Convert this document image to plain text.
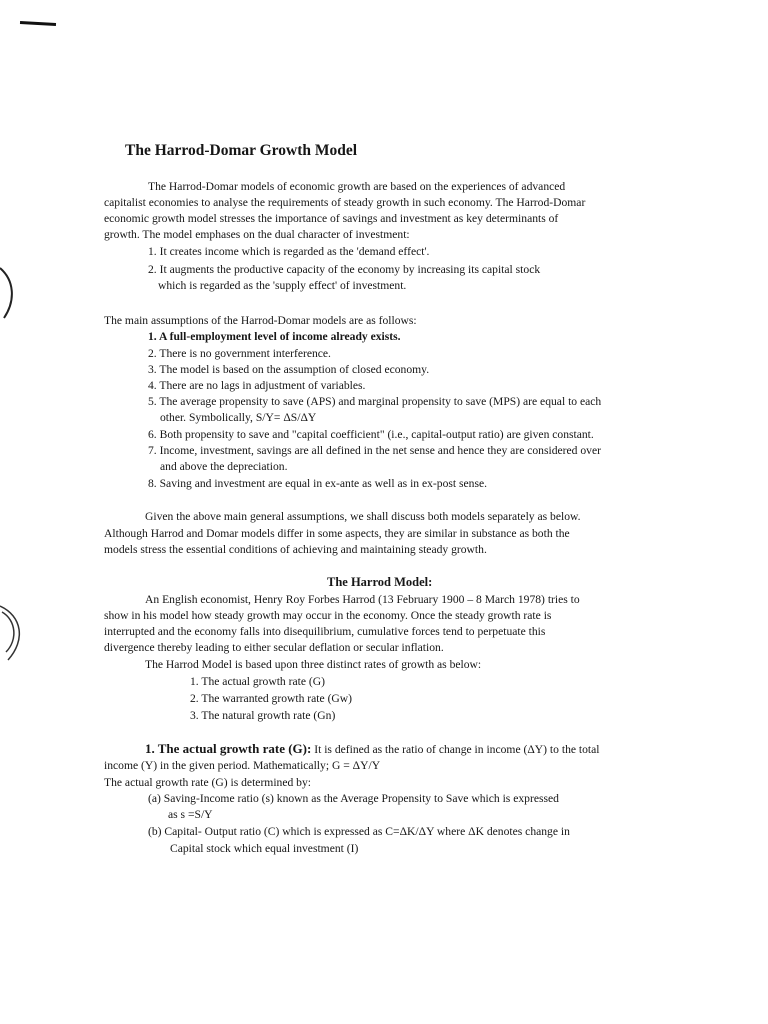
The Harrod-Domar Growth Model
The Harrod-Domar models of economic growth are based on the experiences of advanced
capitalist economies to analyse the requirements of steady growth in such economy. The Harrod-Domar
economic growth model stresses the importance of savings and investment as key determinants of
growth. The model emphases on the dual character of investment:
1. It creates income which is regarded as the 'demand effect'.
2. It augments the productive capacity of the economy by increasing its capital stock
which is regarded as the 'supply effect' of investment.
The main assumptions of the Harrod-Domar models are as follows:
1. A full-employment level of income already exists.
2. There is no government interference.
3. The model is based on the assumption of closed economy.
4. There are no lags in adjustment of variables.
5. The average propensity to save (APS) and marginal propensity to save (MPS) are equal to each
other. Symbolically, S/Y= ΔS/ΔY
6. Both propensity to save and "capital coefficient" (i.e., capital-output ratio) are given constant.
7. Income, investment, savings are all defined in the net sense and hence they are considered over
and above the depreciation.
8. Saving and investment are equal in ex-ante as well as in ex-post sense.
Given the above main general assumptions, we shall discuss both models separately as below.
Although Harrod and Domar models differ in some aspects, they are similar in substance as both the
models stress the essential conditions of achieving and maintaining steady growth.
The Harrod Model:
An English economist, Henry Roy Forbes Harrod (13 February 1900 – 8 March 1978) tries to
show in his model how steady growth may occur in the economy. Once the steady growth rate is
interrupted and the economy falls into disequilibrium, cumulative forces tend to perpetuate this
divergence thereby leading to either secular deflation or secular inflation.
The Harrod Model is based upon three distinct rates of growth as below:
1. The actual growth rate (G)
2. The warranted growth rate (Gw)
3. The natural growth rate (Gn)
1. The actual growth rate (G): It is defined as the ratio of change in income (ΔY) to the total
income (Y) in the given period. Mathematically; G = ΔY/Y
The actual growth rate (G) is determined by:
(a) Saving-Income ratio (s) known as the Average Propensity to Save which is expressed
as s =S/Y
(b) Capital- Output ratio (C) which is expressed as C=ΔK/ΔY where ΔK denotes change in
Capital stock which equal investment (I)
